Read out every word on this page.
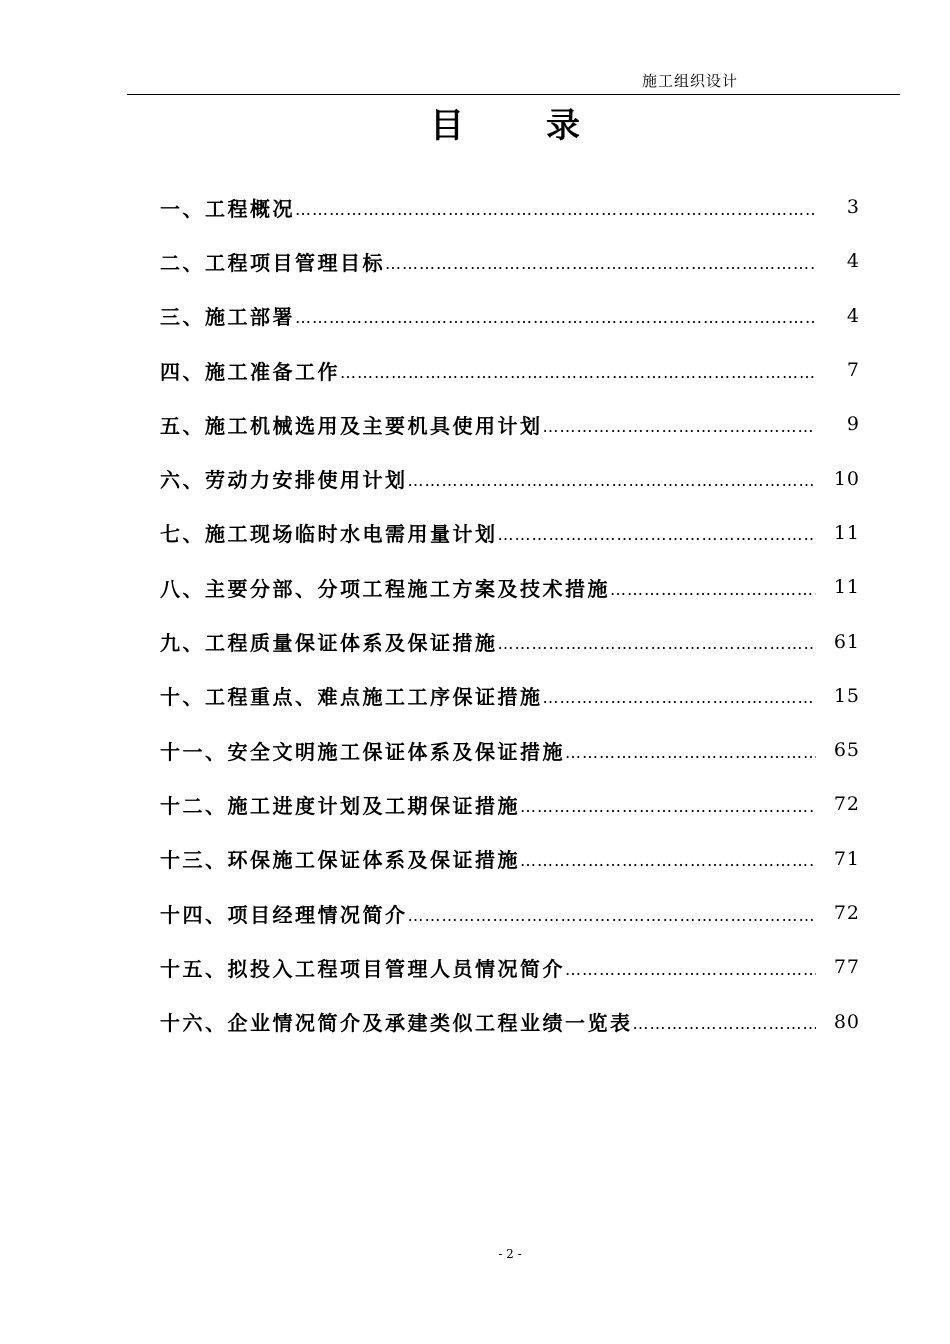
施工组织设计
目 录
一、工程概况 …………………………………………………………………………………………………………………………………………………………………………	3
二、工程项目管理目标 …………………………………………………………………………………………………………………………………………………………………………	4
三、施工部署 …………………………………………………………………………………………………………………………………………………………………………	4
四、施工准备工作 …………………………………………………………………………………………………………………………………………………………………………	7
五、施工机械选用及主要机具使用计划 …………………………………………………………………………………………………………………………………………………………………………	9
六、劳动力安排使用计划 …………………………………………………………………………………………………………………………………………………………………………	10
七、施工现场临时水电需用量计划 …………………………………………………………………………………………………………………………………………………………………………	11
八、主要分部、分项工程施工方案及技术措施 …………………………………………………………………………………………………………………………………………………………………………	11
九、工程质量保证体系及保证措施 …………………………………………………………………………………………………………………………………………………………………………	61
十、工程重点、难点施工工序保证措施 …………………………………………………………………………………………………………………………………………………………………………	15
十一、安全文明施工保证体系及保证措施 …………………………………………………………………………………………………………………………………………………………………………	65
十二、施工进度计划及工期保证措施 …………………………………………………………………………………………………………………………………………………………………………	72
十三、环保施工保证体系及保证措施 …………………………………………………………………………………………………………………………………………………………………………	71
十四、项目经理情况简介 …………………………………………………………………………………………………………………………………………………………………………	72
十五、拟投入工程项目管理人员情况简介 …………………………………………………………………………………………………………………………………………………………………………	77
十六、企业情况简介及承建类似工程业绩一览表 …………………………………………………………………………………………………………………………………………………………………………	80
- 2 -
